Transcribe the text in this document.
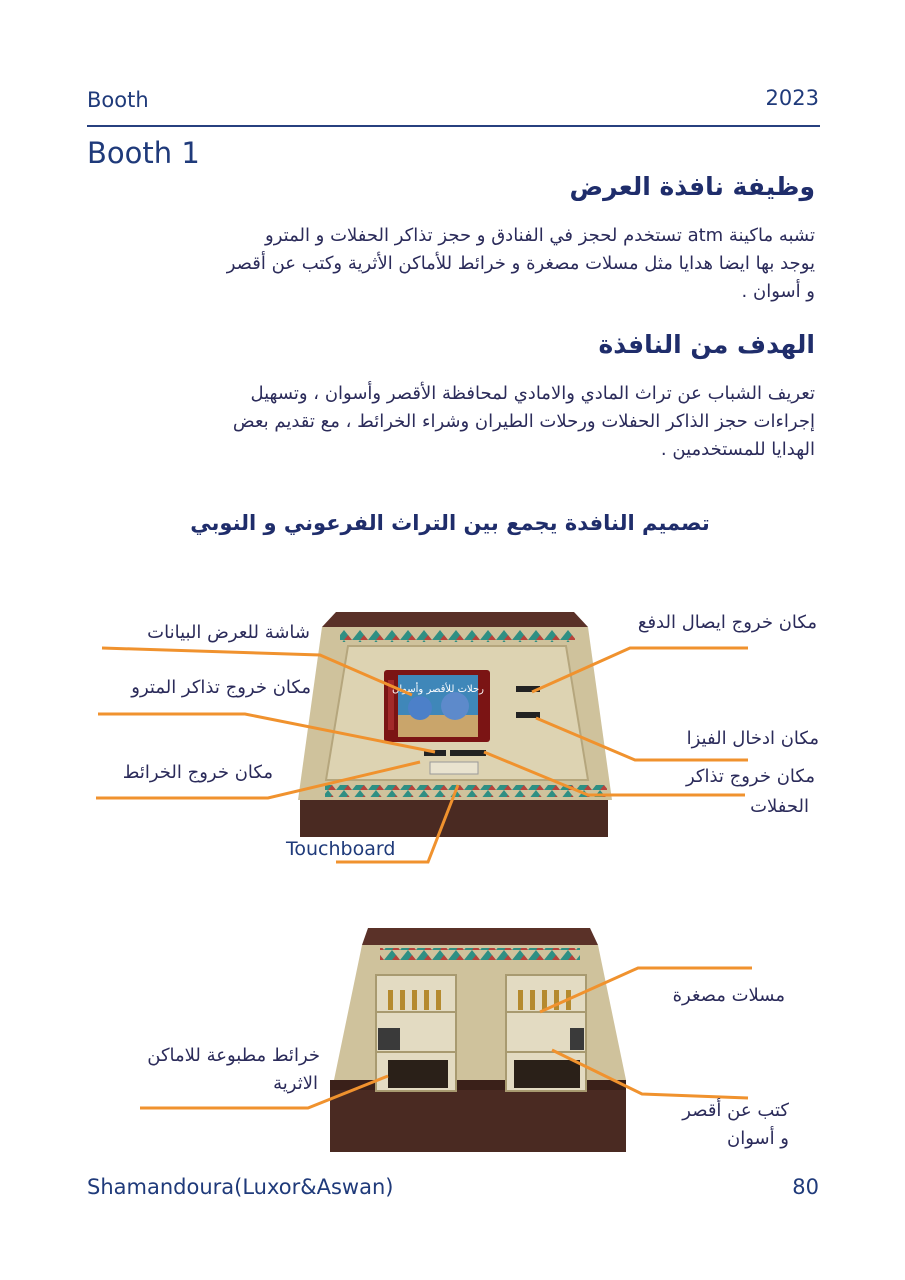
Booth	2023
Booth 1
وظيفة نافذة العرض
تشبه ماكينة atm تستخدم لحجز في الفنادق و حجز تذاكر الحفلات و المترو
يوجد بها ايضا هدايا مثل مسلات مصغرة و خرائط للأماكن الأثرية وكتب عن أقصر
و أسوان .
الهدف من النافذة
تعريف الشباب عن تراث المادي والامادي لمحافظة الأقصر وأسوان ، وتسهيل
إجراءات حجز الذاكر الحفلات ورحلات الطيران وشراء الخرائط ، مع تقديم بعض
الهدايا للمستخدمين .
تصميم النافدة يجمع بين التراث الفرعوني و النوبي
رحلات للأقصر وأسوان
شاشة للعرض البيانات
مكان خروج تذاكر المترو
مكان خروج الخرائط
Touchboard
مكان خروج ايصال الدفع
مكان ادخال الفيزا
مكان خروج تذاكر
الحفلات
مسلات مصغرة
خرائط مطبوعة للاماكن
الاثرية
كتب عن أقصر
و أسوان
Shamandoura(Luxor&Aswan)	80
